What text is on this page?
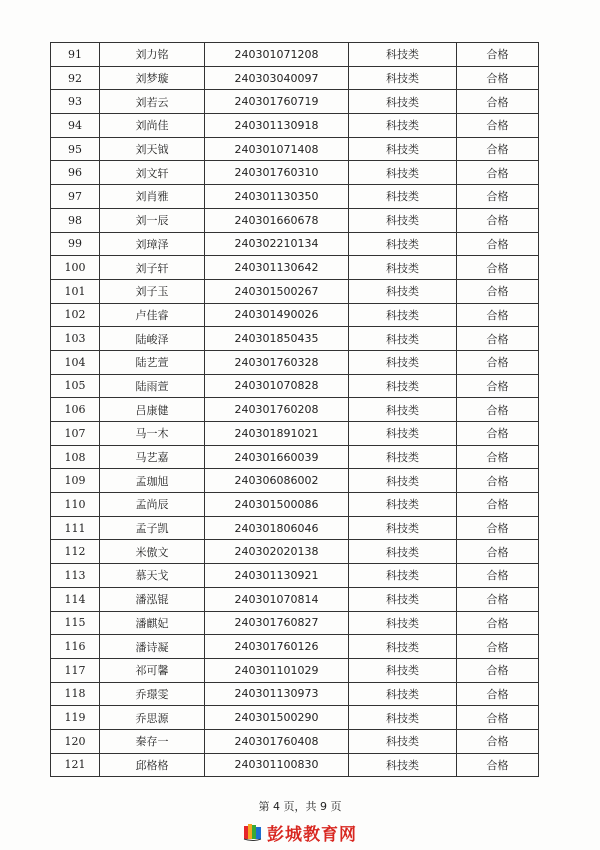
91	刘力铭	240301071208	科技类	合格
92	刘梦璇	240303040097	科技类	合格
93	刘若云	240301760719	科技类	合格
94	刘尚佳	240301130918	科技类	合格
95	刘天钺	240301071408	科技类	合格
96	刘文轩	240301760310	科技类	合格
97	刘肖雅	240301130350	科技类	合格
98	刘一辰	240301660678	科技类	合格
99	刘璋泽	240302210134	科技类	合格
100	刘子轩	240301130642	科技类	合格
101	刘子玉	240301500267	科技类	合格
102	卢佳睿	240301490026	科技类	合格
103	陆峻泽	240301850435	科技类	合格
104	陆艺萱	240301760328	科技类	合格
105	陆雨萱	240301070828	科技类	合格
106	吕康健	240301760208	科技类	合格
107	马一木	240301891021	科技类	合格
108	马艺嘉	240301660039	科技类	合格
109	孟珈旭	240306086002	科技类	合格
110	孟尚辰	240301500086	科技类	合格
111	孟子凯	240301806046	科技类	合格
112	米傲文	240302020138	科技类	合格
113	慕天戈	240301130921	科技类	合格
114	潘泓锟	240301070814	科技类	合格
115	潘麒妃	240301760827	科技类	合格
116	潘诗凝	240301760126	科技类	合格
117	祁可馨	240301101029	科技类	合格
118	乔璟雯	240301130973	科技类	合格
119	乔思源	240301500290	科技类	合格
120	秦存一	240301760408	科技类	合格
121	邱格格	240301100830	科技类	合格
第 4 页，共 9 页
彭城教育网
